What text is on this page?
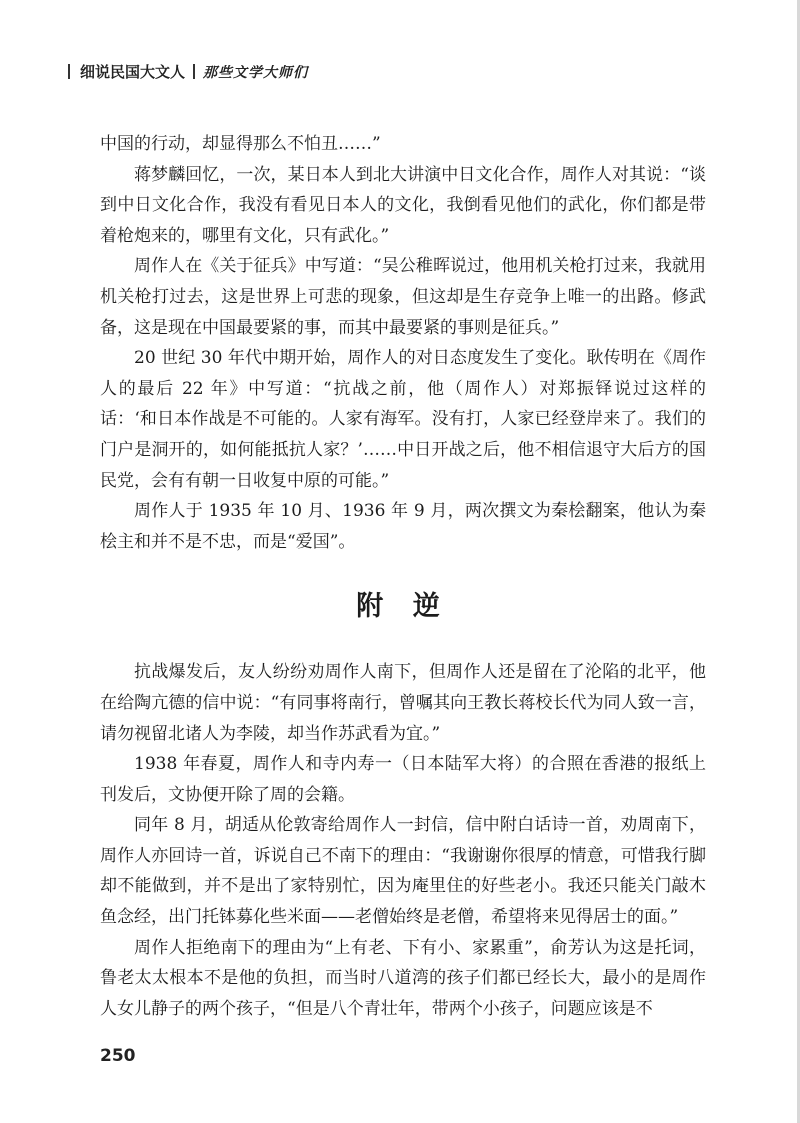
细说民国大文人 那些文学大师们

中国的行动，却显得那么不怕丑……”

蒋梦麟回忆，一次，某日本人到北大讲演中日文化合作，周作人对其说：“谈到中日文化合作，我没有看见日本人的文化，我倒看见他们的武化，你们都是带着枪炮来的，哪里有文化，只有武化。”

周作人在《关于征兵》中写道：“吴公稚晖说过，他用机关枪打过来，我就用机关枪打过去，这是世界上可悲的现象，但这却是生存竞争上唯一的出路。修武备，这是现在中国最要紧的事，而其中最要紧的事则是征兵。”

20 世纪 30 年代中期开始，周作人的对日态度发生了变化。耿传明在《周作人的最后 22 年》中写道：“抗战之前，他（周作人）对郑振铎说过这样的话：‘和日本作战是不可能的。人家有海军。没有打，人家已经登岸来了。我们的门户是洞开的，如何能抵抗人家？’……中日开战之后，他不相信退守大后方的国民党，会有有朝一日收复中原的可能。”

周作人于 1935 年 10 月、1936 年 9 月，两次撰文为秦桧翻案，他认为秦桧主和并不是不忠，而是“爱国”。

附 逆

抗战爆发后，友人纷纷劝周作人南下，但周作人还是留在了沦陷的北平，他在给陶亢德的信中说：“有同事将南行，曾嘱其向王教长蒋校长代为同人致一言，请勿视留北诸人为李陵，却当作苏武看为宜。”

1938 年春夏，周作人和寺内寿一（日本陆军大将）的合照在香港的报纸上刊发后，文协便开除了周的会籍。

同年 8 月，胡适从伦敦寄给周作人一封信，信中附白话诗一首，劝周南下，周作人亦回诗一首，诉说自己不南下的理由：“我谢谢你很厚的情意，可惜我行脚却不能做到，并不是出了家特别忙，因为庵里住的好些老小。我还只能关门敲木鱼念经，出门托钵募化些米面——老僧始终是老僧，希望将来见得居士的面。”

周作人拒绝南下的理由为“上有老、下有小、家累重”，俞芳认为这是托词，鲁老太太根本不是他的负担，而当时八道湾的孩子们都已经长大，最小的是周作人女儿静子的两个孩子，“但是八个青壮年，带两个小孩子，问题应该是不

250
